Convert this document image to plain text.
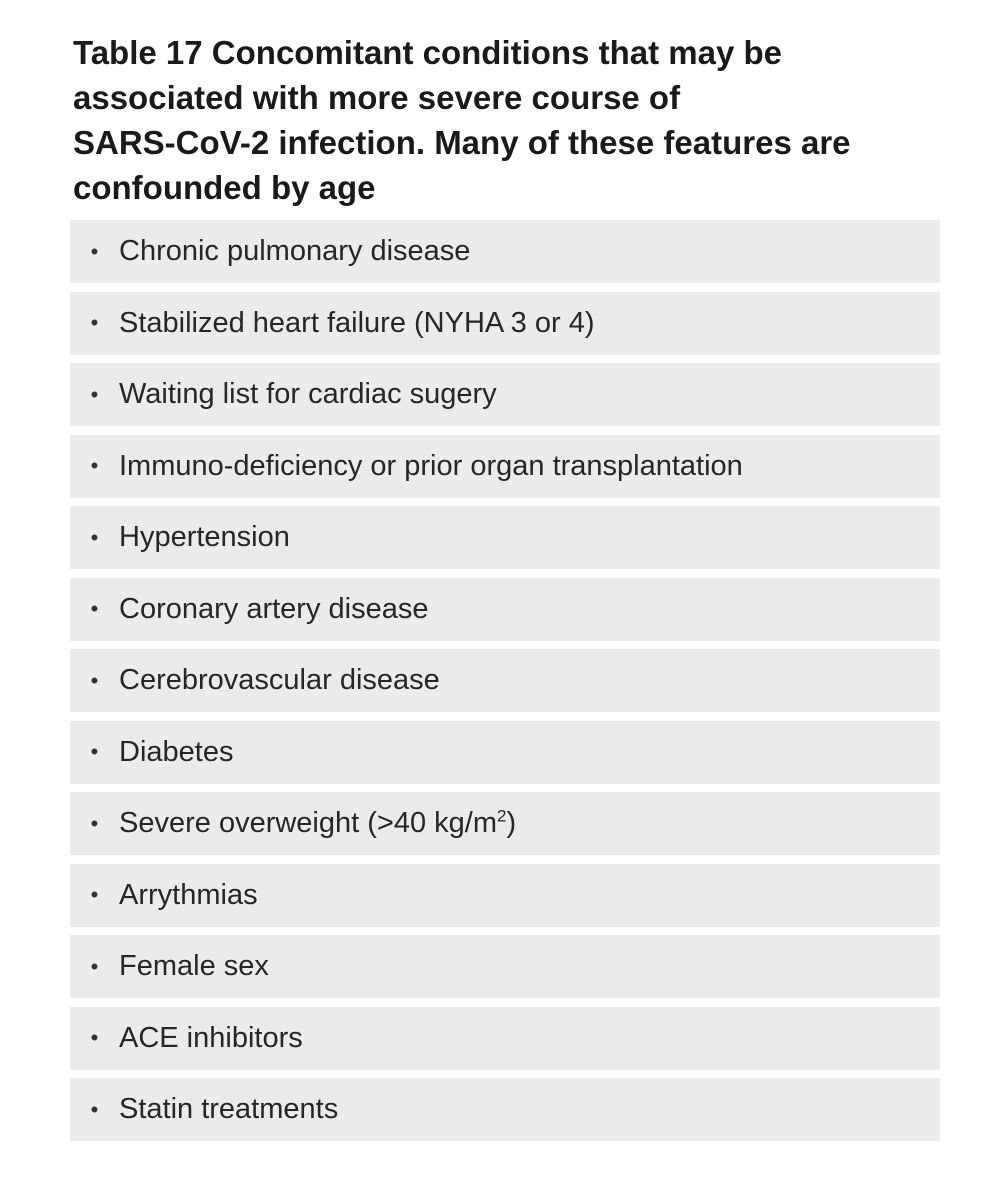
Table 17 Concomitant conditions that may be
associated with more severe course of
SARS-CoV-2 infection. Many of these features are
confounded by age
• Chronic pulmonary disease
• Stabilized heart failure (NYHA 3 or 4)
• Waiting list for cardiac sugery
• Immuno-deficiency or prior organ transplantation
• Hypertension
• Coronary artery disease
• Cerebrovascular disease
• Diabetes
• Severe overweight (>40 $kg/m^2$)
• Arrythmias
• Female sex
• ACE inhibitors
• Statin treatments
